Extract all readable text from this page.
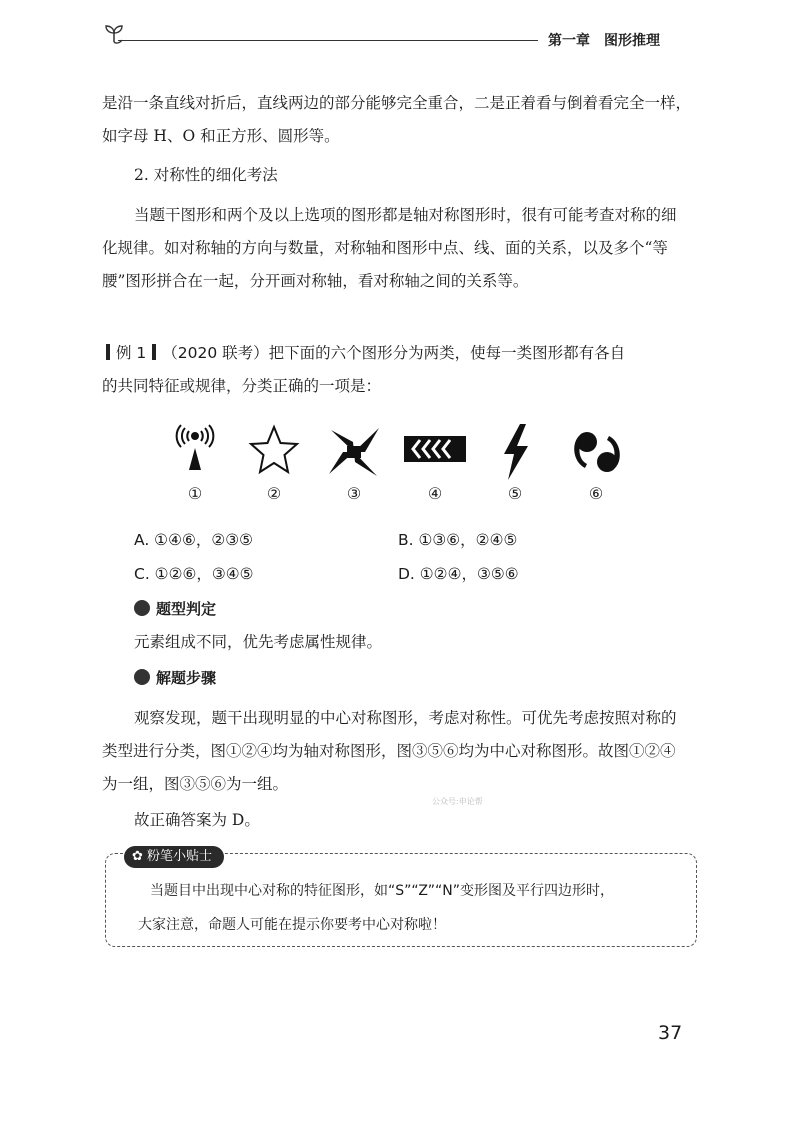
第一章 图形推理
是沿一条直线对折后，直线两边的部分能够完全重合，二是正着看与倒着看完全一样，
如字母 H、O 和正方形、圆形等。
2. 对称性的细化考法
当题干图形和两个及以上选项的图形都是轴对称图形时，很有可能考查对称的细
化规律。如对称轴的方向与数量，对称轴和图形中点、线、面的关系，以及多个“等
腰”图形拼合在一起，分开画对称轴，看对称轴之间的关系等。
例 1 （2020 联考）把下面的六个图形分为两类，使每一类图形都有各自
的共同特征或规律，分类正确的一项是：
①	②	③	④	⑤	⑥
A. ①④⑥，②③⑤	B. ①③⑥，②④⑤
C. ①②⑥，③④⑤	D. ①②④，③⑤⑥
题型判定
元素组成不同，优先考虑属性规律。
解题步骤
观察发现，题干出现明显的中心对称图形，考虑对称性。可优先考虑按照对称的
类型进行分类，图①②④均为轴对称图形，图③⑤⑥均为中心对称图形。故图①②④
为一组，图③⑤⑥为一组。
公众号:申论帮
故正确答案为 D。
✿ 粉笔小贴士
当题目中出现中心对称的特征图形，如“S”“Z”“N”变形图及平行四边形时，
大家注意，命题人可能在提示你要考中心对称啦！
37
